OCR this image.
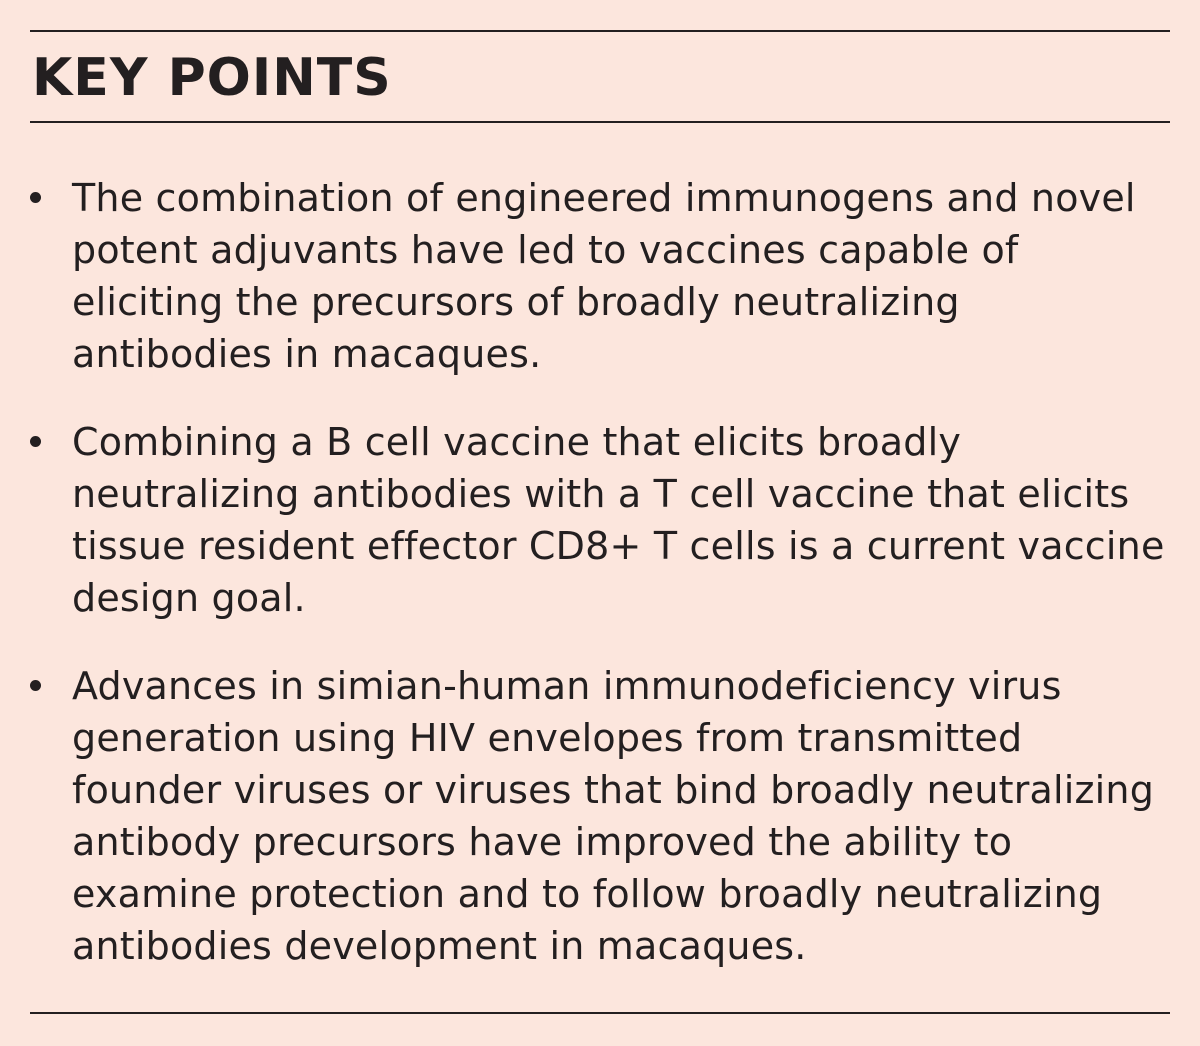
KEY POINTS
The combination of engineered immunogens and novel potent adjuvants have led to vaccines capable of eliciting the precursors of broadly neutralizing antibodies in macaques.
Combining a B cell vaccine that elicits broadly neutralizing antibodies with a T cell vaccine that elicits tissue resident effector CD8+ T cells is a current vaccine design goal.
Advances in simian-human immunodeficiency virus generation using HIV envelopes from transmitted founder viruses or viruses that bind broadly neutralizing antibody precursors have improved the ability to examine protection and to follow broadly neutralizing antibodies development in macaques.
